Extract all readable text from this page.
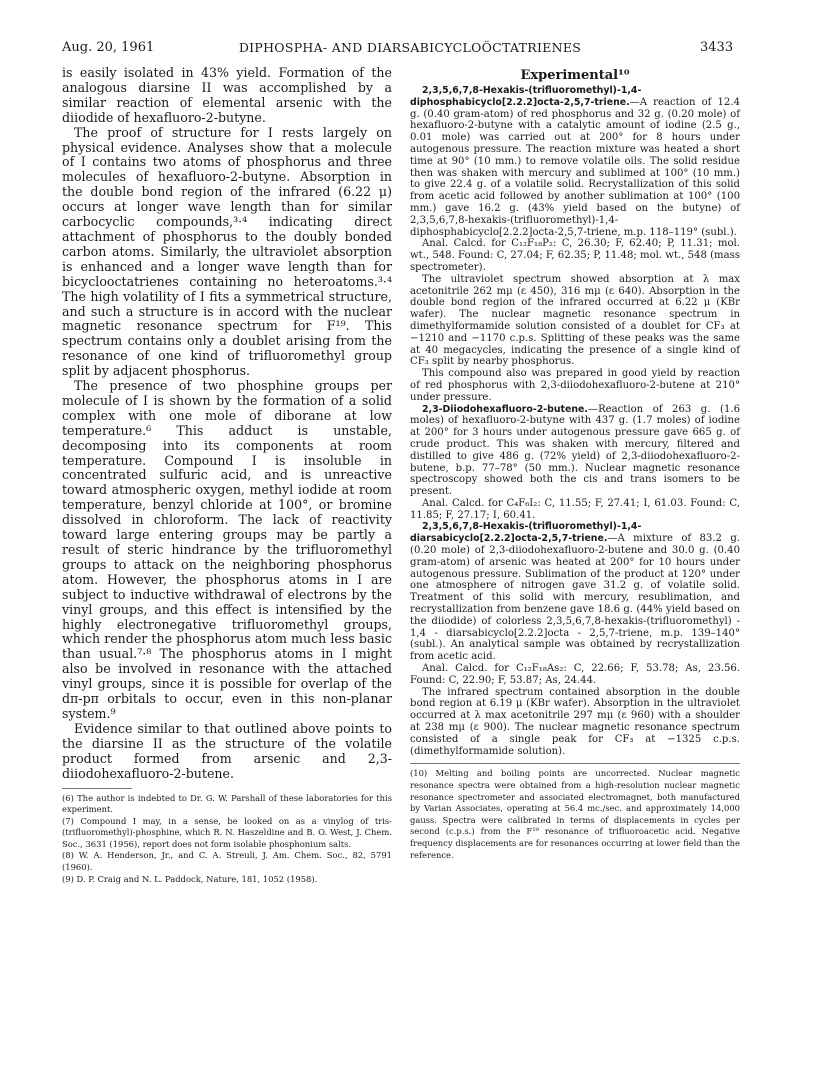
Aug. 20, 1961	DIPHOSPHA- AND DIARSABICYCLOÖCTATRIENES	3433

is easily isolated in 43% yield. Formation of the analogous diarsine II was accomplished by a similar reaction of elemental arsenic with the diiodide of hexafluoro-2-butyne.

The proof of structure for I rests largely on physical evidence. Analyses show that a molecule of I contains two atoms of phosphorus and three molecules of hexafluoro-2-butyne. Absorption in the double bond region of the infrared (6.22 μ) occurs at longer wave length than for similar carbocyclic compounds,³·⁴ indicating direct attachment of phosphorus to the doubly bonded carbon atoms. Similarly, the ultraviolet absorption is enhanced and a longer wave length than for bicyclooctatrienes containing no heteroatoms.³·⁴ The high volatility of I fits a symmetrical structure, and such a structure is in accord with the nuclear magnetic resonance spectrum for F¹⁹. This spectrum contains only a doublet arising from the resonance of one kind of trifluoromethyl group split by adjacent phosphorus.

The presence of two phosphine groups per molecule of I is shown by the formation of a solid complex with one mole of diborane at low temperature.⁶ This adduct is unstable, decomposing into its components at room temperature. Compound I is insoluble in concentrated sulfuric acid, and is unreactive toward atmospheric oxygen, methyl iodide at room temperature, benzyl chloride at 100°, or bromine dissolved in chloroform. The lack of reactivity toward large entering groups may be partly a result of steric hindrance by the trifluoromethyl groups to attack on the neighboring phosphorus atom. However, the phosphorus atoms in I are subject to inductive withdrawal of electrons by the vinyl groups, and this effect is intensified by the highly electronegative trifluoromethyl groups, which render the phosphorus atom much less basic than usual.⁷·⁸ The phosphorus atoms in I might also be involved in resonance with the attached vinyl groups, since it is possible for overlap of the dπ-pπ orbitals to occur, even in this non-planar system.⁹

Evidence similar to that outlined above points to the diarsine II as the structure of the volatile product formed from arsenic and 2,3-diiodohexafluoro-2-butene.

(6) The author is indebted to Dr. G. W. Parshall of these laboratories for this experiment.

(7) Compound I may, in a sense, be looked on as a vinylog of tris-(trifluoromethyl)-phosphine, which R. N. Haszeldine and B. O. West, J. Chem. Soc., 3631 (1956), report does not form isolable phosphonium salts.

(8) W. A. Henderson, Jr., and C. A. Streuli, J. Am. Chem. Soc., 82, 5791 (1960).

(9) D. P. Craig and N. L. Paddock, Nature, 181, 1052 (1958).

Experimental¹⁰

2,3,5,6,7,8-Hexakis-(trifluoromethyl)-1,4-diphosphabicyclo[2.2.2]octa-2,5,7-triene.—A reaction of 12.4 g. (0.40 gram-atom) of red phosphorus and 32 g. (0.20 mole) of hexafluoro-2-butyne with a catalytic amount of iodine (2.5 g., 0.01 mole) was carried out at 200° for 8 hours under autogenous pressure. The reaction mixture was heated a short time at 90° (10 mm.) to remove volatile oils. The solid residue then was shaken with mercury and sublimed at 100° (10 mm.) to give 22.4 g. of a volatile solid. Recrystallization of this solid from acetic acid followed by another sublimation at 100° (100 mm.) gave 16.2 g. (43% yield based on the butyne) of 2,3,5,6,7,8-hexakis-(trifluoromethyl)-1,4-diphosphabicyclo[2.2.2]octa-2,5,7-triene, m.p. 118–119° (subl.).

Anal. Calcd. for C₁₂F₁₈P₂: C, 26.30; F, 62.40; P, 11.31; mol. wt., 548. Found: C, 27.04; F, 62.35; P, 11.48; mol. wt., 548 (mass spectrometer).

The ultraviolet spectrum showed absorption at λ max acetonitrile 262 mμ (ε 450), 316 mμ (ε 640). Absorption in the double bond region of the infrared occurred at 6.22 μ (KBr wafer). The nuclear magnetic resonance spectrum in dimethylformamide solution consisted of a doublet for CF₃ at −1210 and −1170 c.p.s. Splitting of these peaks was the same at 40 megacycles, indicating the presence of a single kind of CF₃ split by nearby phosphorus.

This compound also was prepared in good yield by reaction of red phosphorus with 2,3-diiodohexafluoro-2-butene at 210° under pressure.

2,3-Diiodohexafluoro-2-butene.—Reaction of 263 g. (1.6 moles) of hexafluoro-2-butyne with 437 g. (1.7 moles) of iodine at 200° for 3 hours under autogenous pressure gave 665 g. of crude product. This was shaken with mercury, filtered and distilled to give 486 g. (72% yield) of 2,3-diiodohexafluoro-2-butene, b.p. 77–78° (50 mm.). Nuclear magnetic resonance spectroscopy showed both the cis and trans isomers to be present.

Anal. Calcd. for C₄F₆I₂: C, 11.55; F, 27.41; I, 61.03. Found: C, 11.85; F, 27.17; I, 60.41.

2,3,5,6,7,8-Hexakis-(trifluoromethyl)-1,4-diarsabicyclo[2.2.2]octa-2,5,7-triene.—A mixture of 83.2 g. (0.20 mole) of 2,3-diiodohexafluoro-2-butene and 30.0 g. (0.40 gram-atom) of arsenic was heated at 200° for 10 hours under autogenous pressure. Sublimation of the product at 120° under one atmosphere of nitrogen gave 31.2 g. of volatile solid. Treatment of this solid with mercury, resublimation, and recrystallization from benzene gave 18.6 g. (44% yield based on the diiodide) of colorless 2,3,5,6,7,8-hexakis-(trifluoromethyl) - 1,4 - diarsabicyclo[2.2.2]octa - 2,5,7-triene, m.p. 139–140° (subl.). An analytical sample was obtained by recrystallization from acetic acid.

Anal. Calcd. for C₁₂F₁₈As₂: C, 22.66; F, 53.78; As, 23.56. Found: C, 22.90; F, 53.87; As, 24.44.

The infrared spectrum contained absorption in the double bond region at 6.19 μ (KBr wafer). Absorption in the ultraviolet occurred at λ max acetonitrile 297 mμ (ε 960) with a shoulder at 238 mμ (ε 900). The nuclear magnetic resonance spectrum consisted of a single peak for CF₃ at −1325 c.p.s. (dimethylformamide solution).

(10) Melting and boiling points are uncorrected. Nuclear magnetic resonance spectra were obtained from a high-resolution nuclear magnetic resonance spectrometer and associated electromagnet, both manufactured by Varian Associates, operating at 56.4 mc./sec. and approximately 14,000 gauss. Spectra were calibrated in terms of displacements in cycles per second (c.p.s.) from the F¹⁹ resonance of trifluoroacetic acid. Negative frequency displacements are for resonances occurring at lower field than the reference.
